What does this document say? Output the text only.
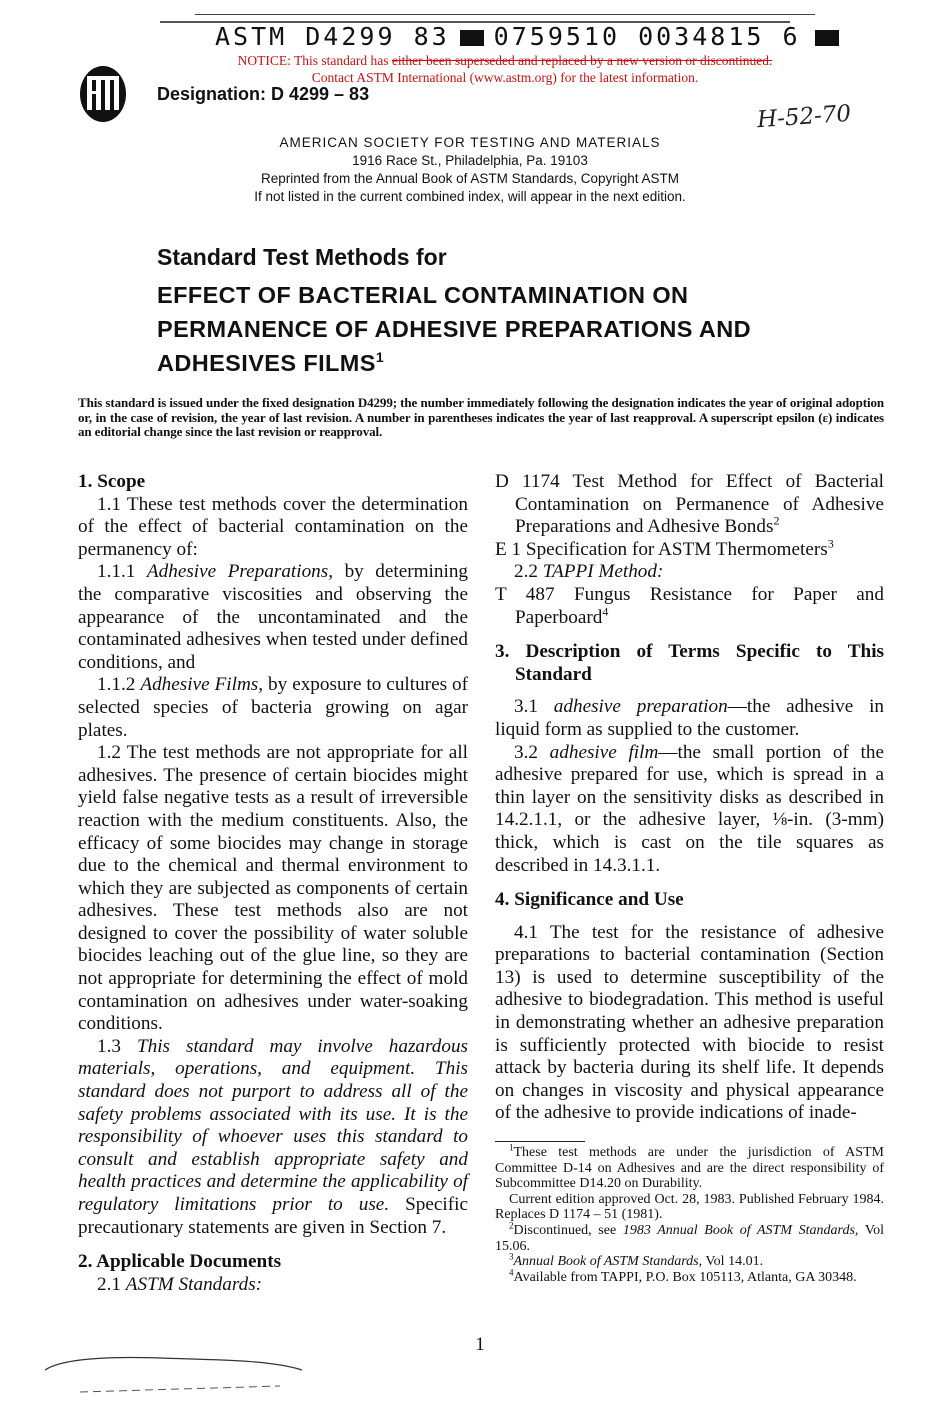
ASTM D4299 83 0759510 0034815 6
NOTICE: This standard has either been superseded and replaced by a new version or discontinued.
Contact ASTM International (www.astm.org) for the latest information.
Designation: D 4299 – 83
H-52-70
AMERICAN SOCIETY FOR TESTING AND MATERIALS
1916 Race St., Philadelphia, Pa. 19103
Reprinted from the Annual Book of ASTM Standards, Copyright ASTM
If not listed in the current combined index, will appear in the next edition.
Standard Test Methods for
EFFECT OF BACTERIAL CONTAMINATION ON
PERMANENCE OF ADHESIVE PREPARATIONS AND
ADHESIVES FILMS$^1$
This standard is issued under the fixed designation D4299; the number immediately following the designation indicates the year of original adoption or, in the case of revision, the year of last revision. A number in parentheses indicates the year of last reapproval. A superscript epsilon (ε) indicates an editorial change since the last revision or reapproval.

1. Scope

1.1 These test methods cover the determination of the effect of bacterial contamination on the permanency of:

1.1.1 Adhesive Preparations, by determining the comparative viscosities and observing the appearance of the uncontaminated and the contaminated adhesives when tested under defined conditions, and

1.1.2 Adhesive Films, by exposure to cultures of selected species of bacteria growing on agar plates.

1.2 The test methods are not appropriate for all adhesives. The presence of certain biocides might yield false negative tests as a result of irreversible reaction with the medium constituents. Also, the efficacy of some biocides may change in storage due to the chemical and thermal environment to which they are subjected as components of certain adhesives. These test methods also are not designed to cover the possibility of water soluble biocides leaching out of the glue line, so they are not appropriate for determining the effect of mold contamination on adhesives under water-soaking conditions.

1.3 This standard may involve hazardous materials, operations, and equipment. This standard does not purport to address all of the safety problems associated with its use. It is the responsibility of whoever uses this standard to consult and establish appropriate safety and health practices and determine the applicability of regulatory limitations prior to use. Specific precautionary statements are given in Section 7.

2. Applicable Documents

2.1 ASTM Standards:

D 1174 Test Method for Effect of Bacterial Contamination on Permanence of Adhesive Preparations and Adhesive Bonds$^2$

E 1 Specification for ASTM Thermometers$^3$

2.2 TAPPI Method:

T 487 Fungus Resistance for Paper and Paperboard$^4$

3. Description of Terms Specific to This Standard

3.1 adhesive preparation—the adhesive in liquid form as supplied to the customer.

3.2 adhesive film—the small portion of the adhesive prepared for use, which is spread in a thin layer on the sensitivity disks as described in 14.2.1.1, or the adhesive layer, ⅛-in. (3-mm) thick, which is cast on the tile squares as described in 14.3.1.1.

4. Significance and Use

4.1 The test for the resistance of adhesive preparations to bacterial contamination (Section 13) is used to determine susceptibility of the adhesive to biodegradation. This method is useful in demonstrating whether an adhesive preparation is sufficiently protected with biocide to resist attack by bacteria during its shelf life. It depends on changes in viscosity and physical appearance of the adhesive to provide indications of inade-

$^1$These test methods are under the jurisdiction of ASTM Committee D-14 on Adhesives and are the direct responsibility of Subcommittee D14.20 on Durability.

Current edition approved Oct. 28, 1983. Published February 1984. Replaces D 1174 – 51 (1981).

$^2$Discontinued, see 1983 Annual Book of ASTM Standards, Vol 15.06.

$^3$Annual Book of ASTM Standards, Vol 14.01.

$^4$Available from TAPPI, P.O. Box 105113, Atlanta, GA 30348.

1
